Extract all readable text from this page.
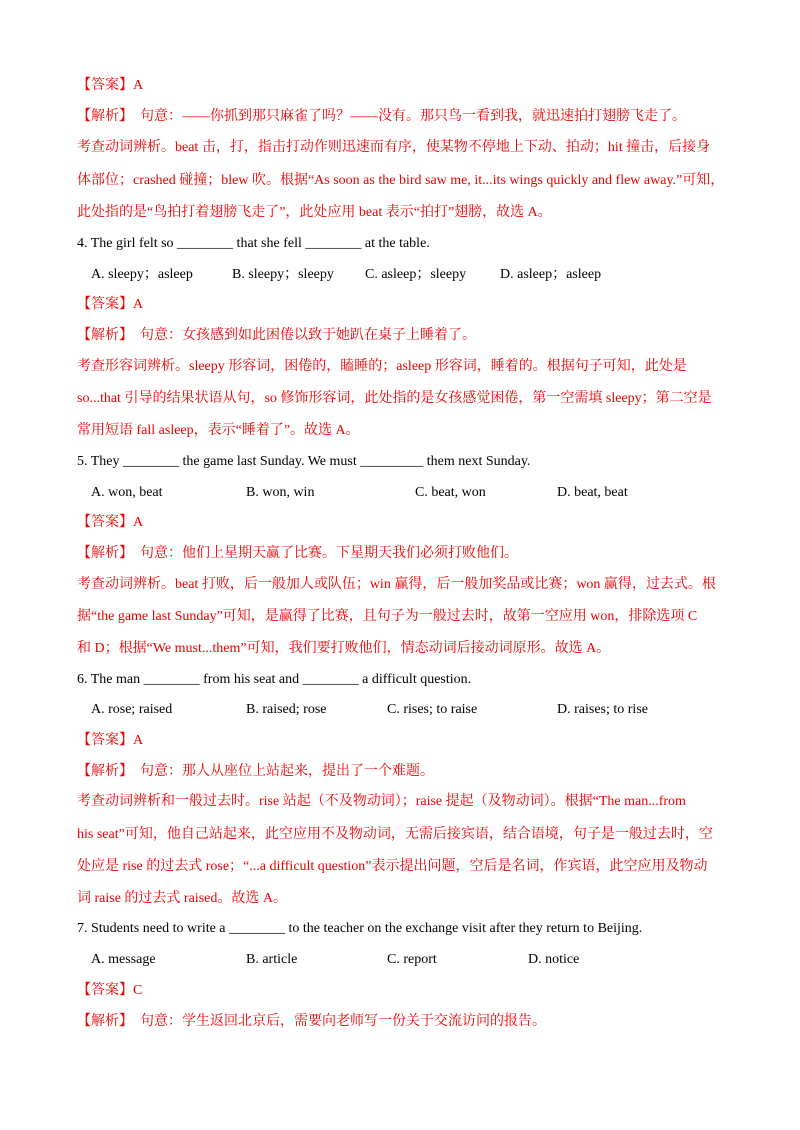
【答案】A
【解析】 句意：——你抓到那只麻雀了吗？——没有。那只鸟一看到我，就迅速拍打翅膀飞走了。
考查动词辨析。beat 击，打，指击打动作则迅速而有序，使某物不停地上下动、拍动；hit 撞击，后接身
体部位；crashed 碰撞；blew 吹。根据“As soon as the bird saw me, it...its wings quickly and flew away.”可知，
此处指的是“鸟拍打着翅膀飞走了”，此处应用 beat 表示“拍打”翅膀，故选 A。
4. The girl felt so ________ that she fell ________ at the table.
A. sleepy；asleep	B. sleepy；sleepy C. asleep；sleepy D. asleep；asleep
【答案】A
【解析】 句意：女孩感到如此困倦以致于她趴在桌子上睡着了。
考查形容词辨析。sleepy 形容词，困倦的，瞌睡的；asleep 形容词，睡着的。根据句子可知，此处是
so...that 引导的结果状语从句，so 修饰形容词，此处指的是女孩感觉困倦，第一空需填 sleepy；第二空是
常用短语 fall asleep，表示“睡着了”。故选 A。
5. They ________ the game last Sunday. We must _________ them next Sunday.
A. won, beat	B. won, win	C. beat, won	D. beat, beat
【答案】A
【解析】 句意：他们上星期天赢了比赛。下星期天我们必须打败他们。
考查动词辨析。beat 打败，后一般加人或队伍；win 赢得，后一般加奖品或比赛；won 赢得，过去式。根
据“the game last Sunday”可知，是赢得了比赛，且句子为一般过去时，故第一空应用 won，排除选项 C
和 D；根据“We must...them”可知，我们要打败他们，情态动词后接动词原形。故选 A。
6. The man ________ from his seat and ________ a difficult question.
A. rose; raised	B. raised; rose	C. rises; to raise	D. raises; to rise
【答案】A
【解析】 句意：那人从座位上站起来，提出了一个难题。
考查动词辨析和一般过去时。rise 站起（不及物动词）；raise 提起（及物动词）。根据“The man...from
his seat”可知，他自己站起来，此空应用不及物动词，无需后接宾语，结合语境，句子是一般过去时，空
处应是 rise 的过去式 rose；“...a difficult question”表示提出问题，空后是名词，作宾语，此空应用及物动
词 raise 的过去式 raised。故选 A。
7. Students need to write a ________ to the teacher on the exchange visit after they return to Beijing.
A. message	B. article	C. report	D. notice
【答案】C
【解析】 句意：学生返回北京后，需要向老师写一份关于交流访问的报告。
